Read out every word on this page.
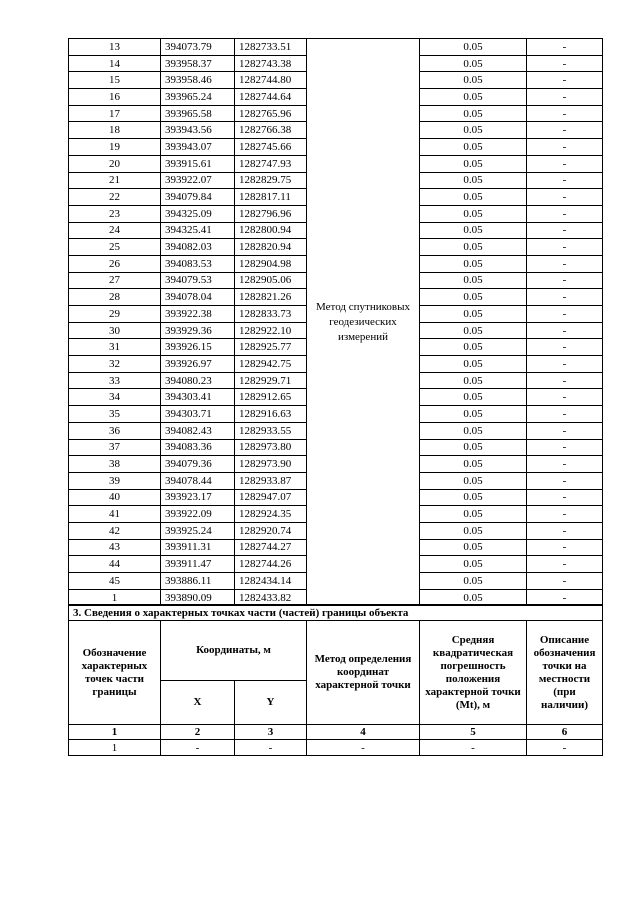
13	394073.79	1282733.51	Метод спутниковых геодезических измерений	0.05	-
14	393958.37	1282743.38		0.05	-
15	393958.46	1282744.80		0.05	-
16	393965.24	1282744.64		0.05	-
17	393965.58	1282765.96		0.05	-
18	393943.56	1282766.38		0.05	-
19	393943.07	1282745.66		0.05	-
20	393915.61	1282747.93		0.05	-
21	393922.07	1282829.75		0.05	-
22	394079.84	1282817.11		0.05	-
23	394325.09	1282796.96		0.05	-
24	394325.41	1282800.94		0.05	-
25	394082.03	1282820.94		0.05	-
26	394083.53	1282904.98		0.05	-
27	394079.53	1282905.06		0.05	-
28	394078.04	1282821.26		0.05	-
29	393922.38	1282833.73		0.05	-
30	393929.36	1282922.10		0.05	-
31	393926.15	1282925.77		0.05	-
32	393926.97	1282942.75		0.05	-
33	394080.23	1282929.71		0.05	-
34	394303.41	1282912.65		0.05	-
35	394303.71	1282916.63		0.05	-
36	394082.43	1282933.55		0.05	-
37	394083.36	1282973.80		0.05	-
38	394079.36	1282973.90		0.05	-
39	394078.44	1282933.87		0.05	-
40	393923.17	1282947.07		0.05	-
41	393922.09	1282924.35		0.05	-
42	393925.24	1282920.74		0.05	-
43	393911.31	1282744.27		0.05	-
44	393911.47	1282744.26		0.05	-
45	393886.11	1282434.14		0.05	-
1	393890.09	1282433.82		0.05	-
3. Сведения о характерных точках части (частей) границы объекта					
Обозначение характерных точек части границы	Координаты, м		Метод определения координат характерной точки	Средняя квадратическая погрешность положения характерной точки (Mt), м	Описание обозначения точки на местности (при наличии)
	X	Y			
1	2	3	4	5	6
1	-	-	-	-	-
